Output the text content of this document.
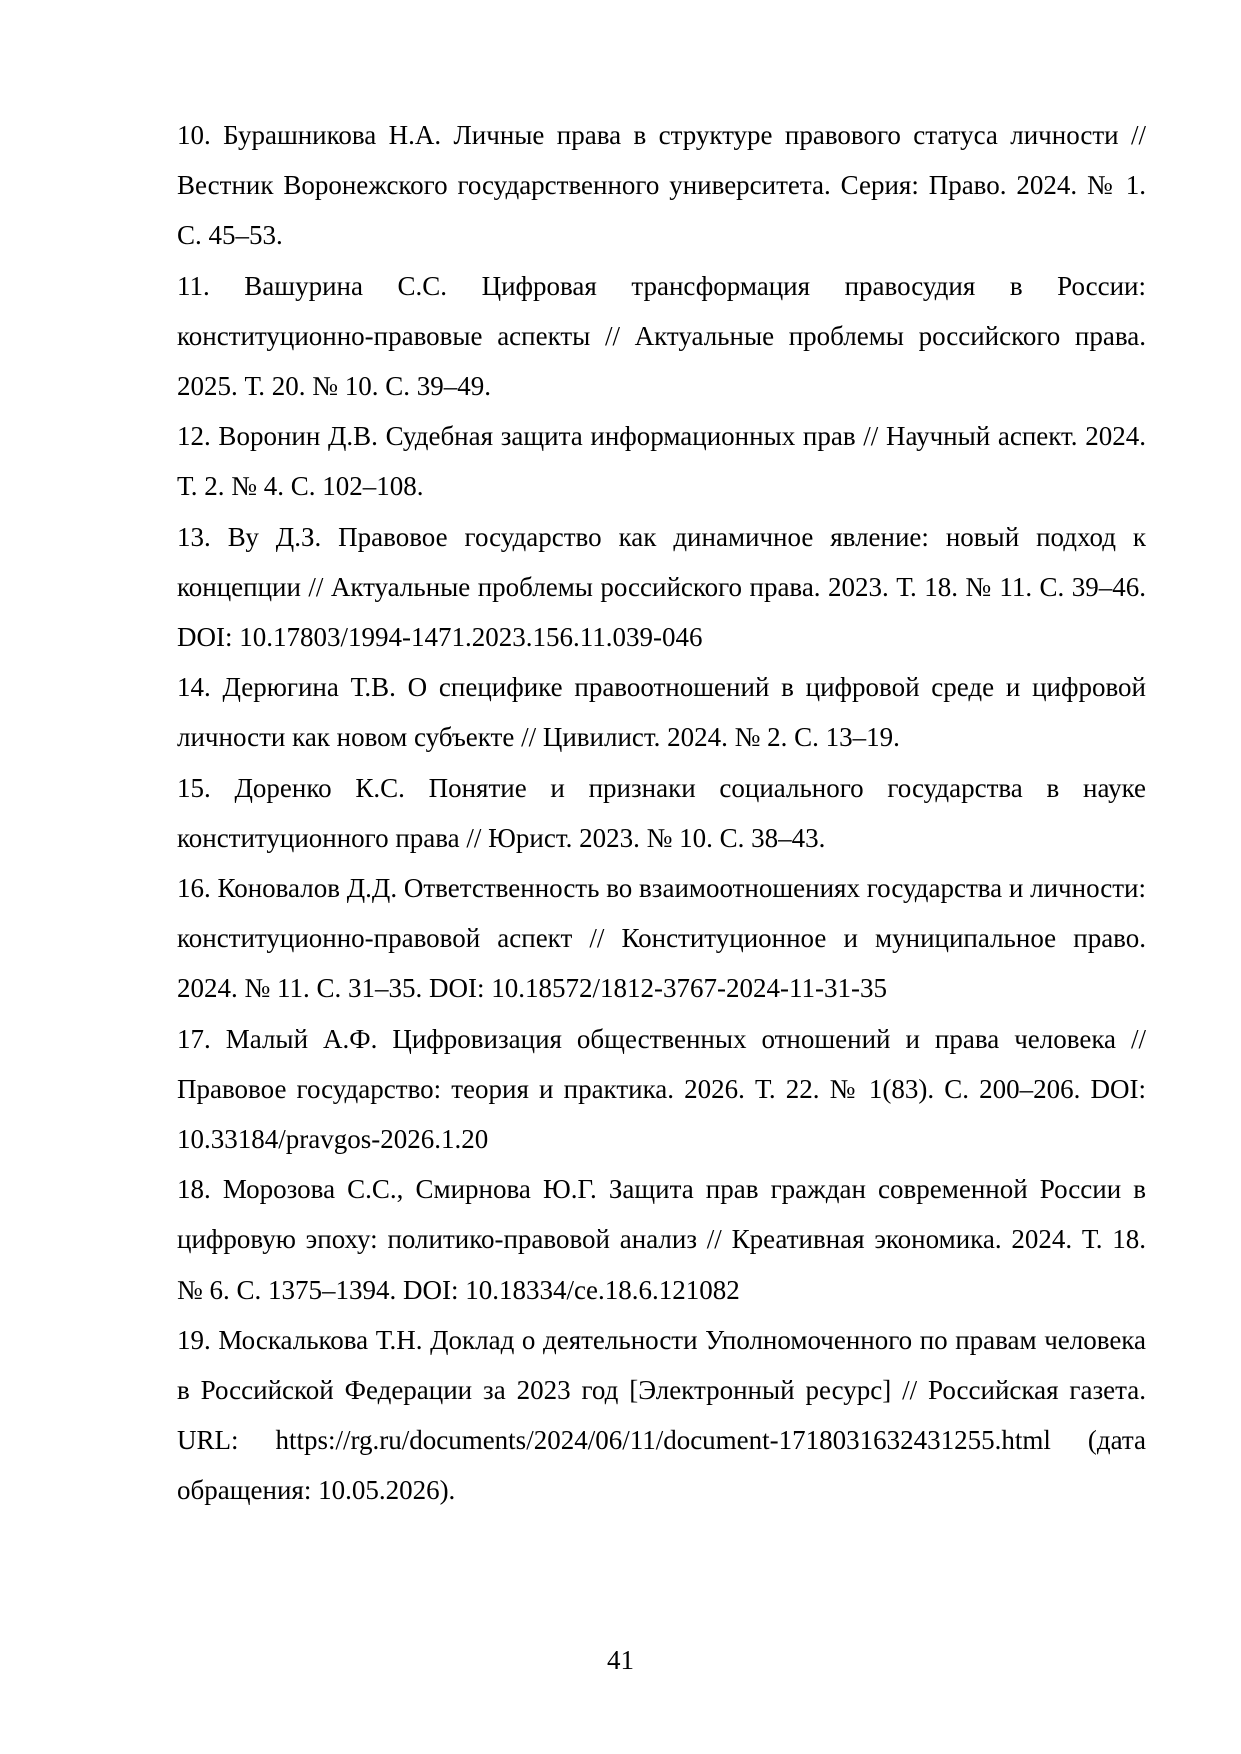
10. Бурашникова Н.А. Личные права в структуре правового статуса личности // Вестник Воронежского государственного университета. Серия: Право. 2024. № 1. С. 45–53.
11. Вашурина С.С. Цифровая трансформация правосудия в России: конституционно-правовые аспекты // Актуальные проблемы российского права. 2025. Т. 20. № 10. С. 39–49.
12. Воронин Д.В. Судебная защита информационных прав // Научный аспект. 2024. Т. 2. № 4. С. 102–108.
13. Ву Д.З. Правовое государство как динамичное явление: новый подход к концепции // Актуальные проблемы российского права. 2023. Т. 18. № 11. С. 39–46. DOI: 10.17803/1994-1471.2023.156.11.039-046
14. Дерюгина Т.В. О специфике правоотношений в цифровой среде и цифровой личности как новом субъекте // Цивилист. 2024. № 2. С. 13–19.
15. Доренко К.С. Понятие и признаки социального государства в науке конституционного права // Юрист. 2023. № 10. С. 38–43.
16. Коновалов Д.Д. Ответственность во взаимоотношениях государства и личности: конституционно-правовой аспект // Конституционное и муниципальное право. 2024. № 11. С. 31–35. DOI: 10.18572/1812-3767-2024-11-31-35
17. Малый А.Ф. Цифровизация общественных отношений и права человека // Правовое государство: теория и практика. 2026. Т. 22. № 1(83). С. 200–206. DOI: 10.33184/pravgos-2026.1.20
18. Морозова С.С., Смирнова Ю.Г. Защита прав граждан современной России в цифровую эпоху: политико-правовой анализ // Креативная экономика. 2024. Т. 18. № 6. С. 1375–1394. DOI: 10.18334/ce.18.6.121082
19. Москалькова Т.Н. Доклад о деятельности Уполномоченного по правам человека в Российской Федерации за 2023 год [Электронный ресурс] // Российская газета. URL: https://rg.ru/documents/2024/06/11/document-1718031632431255.html (дата обращения: 10.05.2026).
41
